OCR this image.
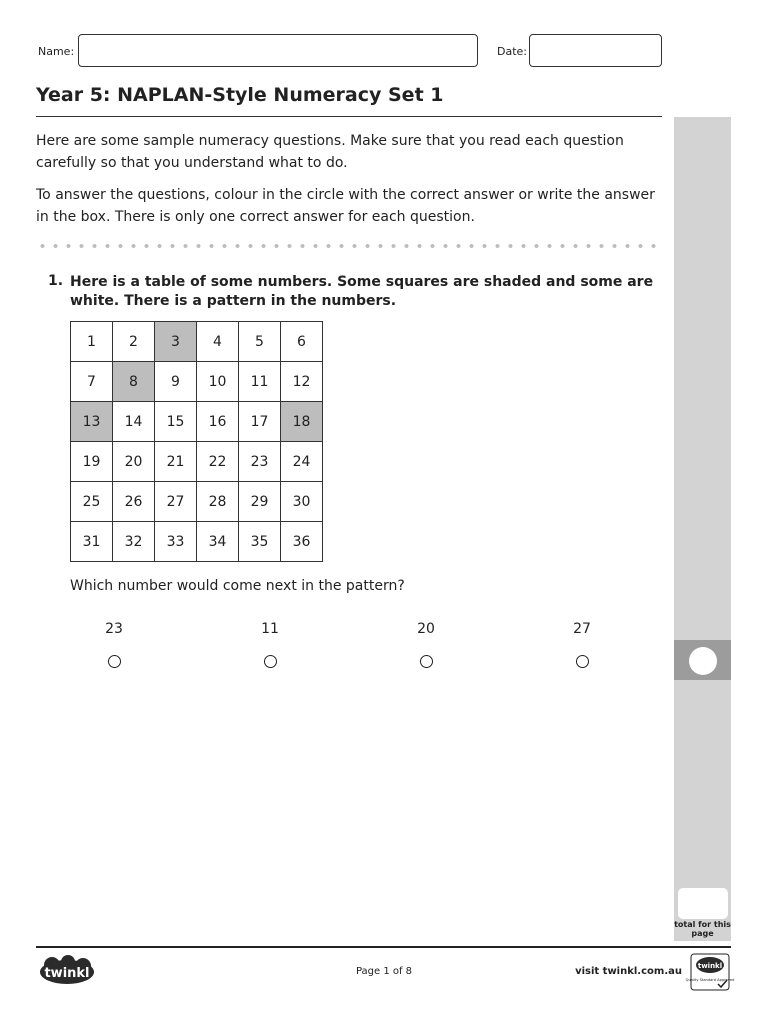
Name:	Date:
Year 5: NAPLAN-Style Numeracy Set 1
total for this page

Here are some sample numeracy questions. Make sure that you read each question carefully so that you understand what to do.

To answer the questions, colour in the circle with the correct answer or write the answer in the box. There is only one correct answer for each question.

1. Here is a table of some numbers. Some squares are shaded and some are white. There is a pattern in the numbers.

1	2	3	4	5	6
7	8	9	10	11	12
13	14	15	16	17	18
19	20	21	22	23	24
25	26	27	28	29	30
31	32	33	34	35	36

Which number would come next in the pattern?

23	11	20	27
twinkl	Page 1 of 8	visit twinkl.com.au twinkl
Quality Standard Approved
